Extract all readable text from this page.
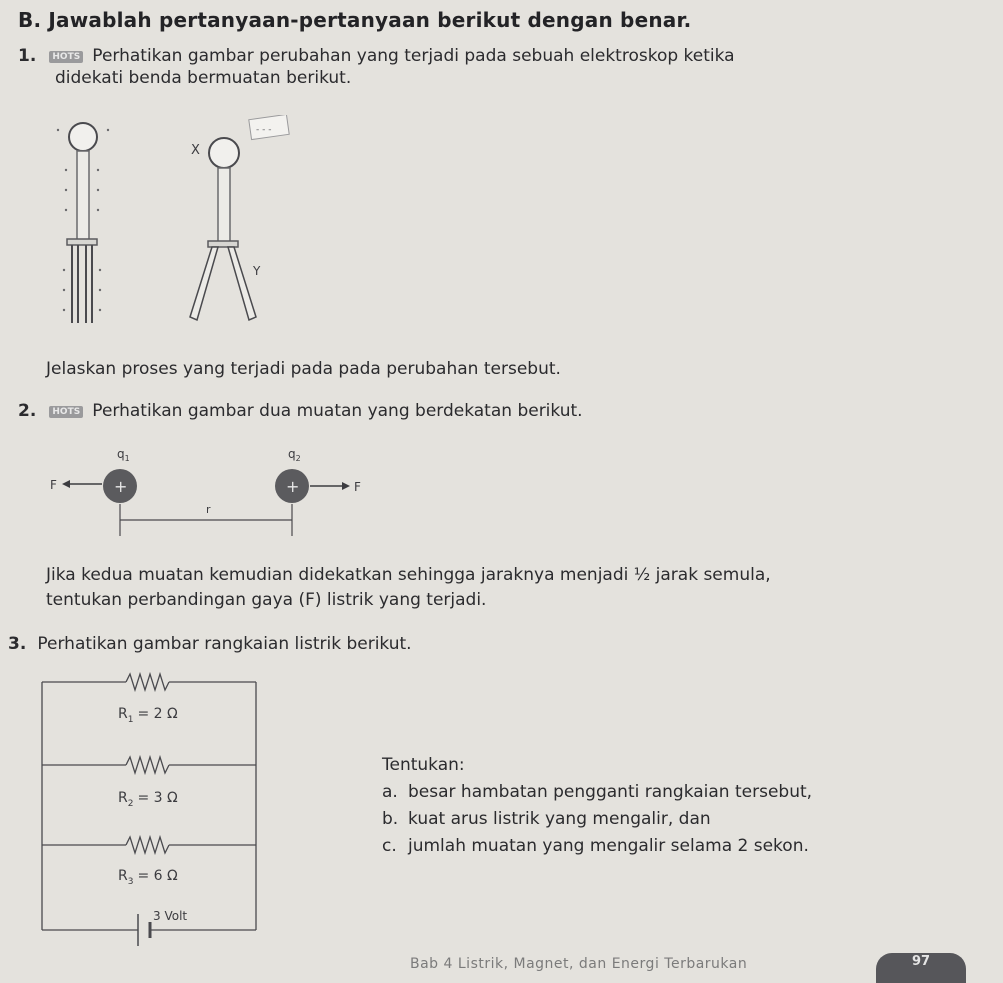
B. Jawablah pertanyaan-pertanyaan berikut dengan benar.
1. HOTS Perhatikan gambar perubahan yang terjadi pada sebuah elektroskop ketika
didekati benda bermuatan berikut.
- - -
X
Y
Jelaskan proses yang terjadi pada pada perubahan tersebut.
2. HOTS Perhatikan gambar dua muatan yang berdekatan berikut.
$q_1$	$q_2$
F	+	+	F
r
Jika kedua muatan kemudian didekatkan sehingga jaraknya menjadi ½ jarak semula,
tentukan perbandingan gaya (F) listrik yang terjadi.
3. Perhatikan gambar rangkaian listrik berikut.
3 Volt
$R_1 = 2$ Ω
$R_2 = 3$ Ω
$R_3 = 6$ Ω
Tentukan:
a. besar hambatan pengganti rangkaian tersebut,
b. kuat arus listrik yang mengalir, dan
c. jumlah muatan yang mengalir selama 2 sekon.
Bab 4 Listrik, Magnet, dan Energi Terbarukan	97
